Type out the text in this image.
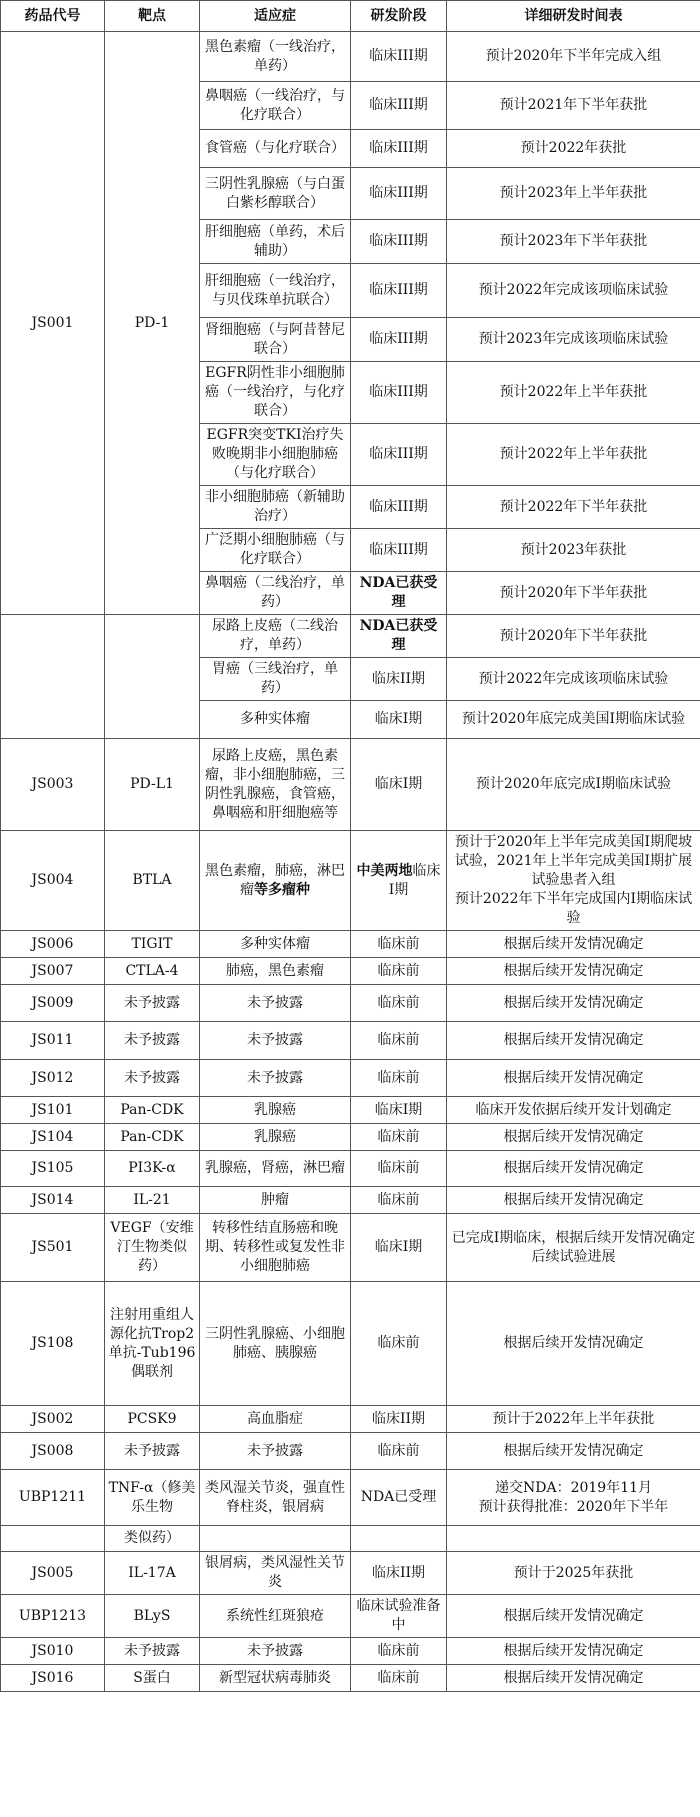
药品代号	靶点	适应症	研发阶段	详细研发时间表
JS001	PD-1	黑色素瘤（一线治疗，单药）	临床III期	预计2020年下半年完成入组
		鼻咽癌（一线治疗，与化疗联合）	临床III期	预计2021年下半年获批
		食管癌（与化疗联合）	临床III期	预计2022年获批
		三阴性乳腺癌（与白蛋白紫杉醇联合）	临床III期	预计2023年上半年获批
		肝细胞癌（单药，术后辅助）	临床III期	预计2023年下半年获批
		肝细胞癌（一线治疗，与贝伐珠单抗联合）	临床III期	预计2022年完成该项临床试验
		肾细胞癌（与阿昔替尼联合）	临床III期	预计2023年完成该项临床试验
		EGFR阴性非小细胞肺癌（一线治疗，与化疗联合）	临床III期	预计2022年上半年获批
		EGFR突变TKI治疗失败晚期非小细胞肺癌（与化疗联合）	临床III期	预计2022年上半年获批
		非小细胞肺癌（新辅助治疗）	临床III期	预计2022年下半年获批
		广泛期小细胞肺癌（与化疗联合）	临床III期	预计2023年获批
		鼻咽癌（二线治疗，单药）	NDA已获受理	预计2020年下半年获批
		尿路上皮癌（二线治疗，单药）	NDA已获受理	预计2020年下半年获批
		胃癌（三线治疗，单药）	临床II期	预计2022年完成该项临床试验
		多种实体瘤	临床I期	预计2020年底完成美国I期临床试验
JS003	PD-L1	尿路上皮癌，黑色素瘤，非小细胞肺癌，三阴性乳腺癌，食管癌，鼻咽癌和肝细胞癌等	临床I期	预计2020年底完成I期临床试验
JS004	BTLA	黑色素瘤，肺癌，淋巴瘤等多瘤种	中美两地临床I期	预计于2020年上半年完成美国I期爬坡试验，2021年上半年完成美国I期扩展试验患者入组
预计2022年下半年完成国内I期临床试验
JS006	TIGIT	多种实体瘤	临床前	根据后续开发情况确定
JS007	CTLA-4	肺癌，黑色素瘤	临床前	根据后续开发情况确定
JS009	未予披露	未予披露	临床前	根据后续开发情况确定
JS011	未予披露	未予披露	临床前	根据后续开发情况确定
JS012	未予披露	未予披露	临床前	根据后续开发情况确定
JS101	Pan-CDK	乳腺癌	临床I期	临床开发依据后续开发计划确定
JS104	Pan-CDK	乳腺癌	临床前	根据后续开发情况确定
JS105	PI3K-α	乳腺癌，肾癌，淋巴瘤	临床前	根据后续开发情况确定
JS014	IL-21	肿瘤	临床前	根据后续开发情况确定
JS501	VEGF（安维汀生物类似药）	转移性结直肠癌和晚期、转移性或复发性非小细胞肺癌	临床I期	已完成I期临床，根据后续开发情况确定后续试验进展
JS108	注射用重组人源化抗Trop2单抗-Tub196偶联剂	三阴性乳腺癌、小细胞肺癌、胰腺癌	临床前	根据后续开发情况确定
JS002	PCSK9	高血脂症	临床II期	预计于2022年上半年获批
JS008	未予披露	未予披露	临床前	根据后续开发情况确定
UBP1211	TNF-α（修美乐生物	类风湿关节炎，强直性脊柱炎，银屑病	NDA已受理	递交NDA：2019年11月
预计获得批准：2020年下半年
	类似药）			
JS005	IL-17A	银屑病，类风湿性关节炎	临床II期	预计于2025年获批
UBP1213	BLyS	系统性红斑狼疮	临床试验准备中	根据后续开发情况确定
JS010	未予披露	未予披露	临床前	根据后续开发情况确定
JS016	S蛋白	新型冠状病毒肺炎	临床前	根据后续开发情况确定
